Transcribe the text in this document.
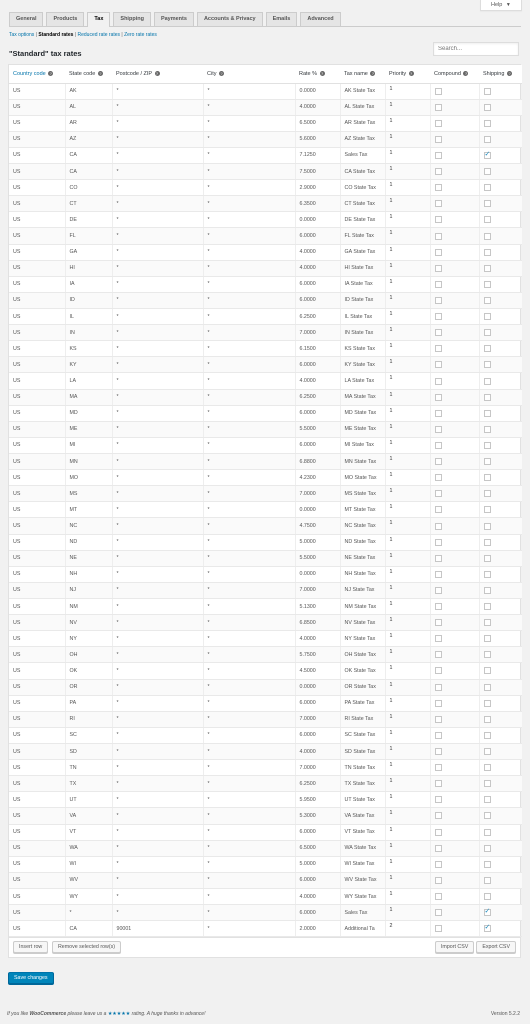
Help ▼
General	Products	Tax	Shipping	Payments	Accounts & Privacy	Emails	Advanced
Tax options | Standard rates | Reduced rate rates | Zero rate rates
"Standard" tax rates
Search...
Country code ?	State code ?	Postcode / ZIP ?	City ?	Rate % ?	Tax name ?	Priority ?	Compound ?	Shipping ?
US	AK	*	*	0.0000	AK State Tax	1		
US	AL	*	*	4.0000	AL State Tax	1		
US	AR	*	*	6.5000	AR State Tax	1		
US	AZ	*	*	5.6000	AZ State Tax	1		
US	CA	*	*	7.1250	Sales Tax	1		✓
US	CA	*	*	7.5000	CA State Tax	1		
US	CO	*	*	2.9000	CO State Tax	1		
US	CT	*	*	6.3500	CT State Tax	1		
US	DE	*	*	0.0000	DE State Tax	1		
US	FL	*	*	6.0000	FL State Tax	1		
US	GA	*	*	4.0000	GA State Tax	1		
US	HI	*	*	4.0000	HI State Tax	1		
US	IA	*	*	6.0000	IA State Tax	1		
US	ID	*	*	6.0000	ID State Tax	1		
US	IL	*	*	6.2500	IL State Tax	1		
US	IN	*	*	7.0000	IN State Tax	1		
US	KS	*	*	6.1500	KS State Tax	1		
US	KY	*	*	6.0000	KY State Tax	1		
US	LA	*	*	4.0000	LA State Tax	1		
US	MA	*	*	6.2500	MA State Tax	1		
US	MD	*	*	6.0000	MD State Tax	1		
US	ME	*	*	5.5000	ME State Tax	1		
US	MI	*	*	6.0000	MI State Tax	1		
US	MN	*	*	6.8800	MN State Tax	1		
US	MO	*	*	4.2300	MO State Tax	1		
US	MS	*	*	7.0000	MS State Tax	1		
US	MT	*	*	0.0000	MT State Tax	1		
US	NC	*	*	4.7500	NC State Tax	1		
US	ND	*	*	5.0000	ND State Tax	1		
US	NE	*	*	5.5000	NE State Tax	1		
US	NH	*	*	0.0000	NH State Tax	1		
US	NJ	*	*	7.0000	NJ State Tax	1		
US	NM	*	*	5.1300	NM State Tax	1		
US	NV	*	*	6.8500	NV State Tax	1		
US	NY	*	*	4.0000	NY State Tax	1		
US	OH	*	*	5.7500	OH State Tax	1		
US	OK	*	*	4.5000	OK State Tax	1		
US	OR	*	*	0.0000	OR State Tax	1		
US	PA	*	*	6.0000	PA State Tax	1		
US	RI	*	*	7.0000	RI State Tax	1		
US	SC	*	*	6.0000	SC State Tax	1		
US	SD	*	*	4.0000	SD State Tax	1		
US	TN	*	*	7.0000	TN State Tax	1		
US	TX	*	*	6.2500	TX State Tax	1		
US	UT	*	*	5.9500	UT State Tax	1		
US	VA	*	*	5.3000	VA State Tax	1		
US	VT	*	*	6.0000	VT State Tax	1		
US	WA	*	*	6.5000	WA State Tax	1		
US	WI	*	*	5.0000	WI State Tax	1		
US	WV	*	*	6.0000	WV State Tax	1		
US	WY	*	*	4.0000	WY State Tax	1		
US	*	*	*	6.0000	Sales Tax	1		✓
US	CA	90001	*	2.0000	Additional Ta	2		✓
Insert row	Remove selected row(s)	Export CSV
Import CSV
Save changes
If you like WooCommerce please leave us a ★★★★★ rating. A huge thanks in advance!	Version 5.2.2
